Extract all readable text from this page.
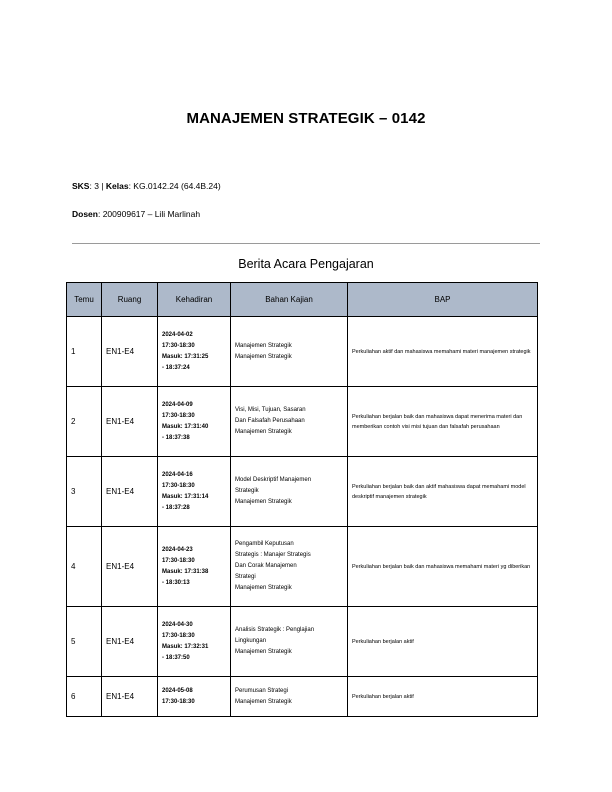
MANAJEMEN STRATEGIK – 0142
SKS: 3 | Kelas: KG.0142.24 (64.4B.24)
Dosen: 200909617 – Lili Marlinah
Berita Acara Pengajaran
Temu	Ruang	Kehadiran	Bahan Kajian	BAP
1	EN1-E4	2024-04-02
17:30-18:30
Masuk: 17:31:25
- 18:37:24	Manajemen Strategik
Manajemen Strategik	Perkuliahan aktif dan mahasiswa memahami materi manajemen strategik

2	EN1-E4	2024-04-09
17:30-18:30
Masuk: 17:31:40
- 18:37:38	Visi, Misi, Tujuan, Sasaran
Dan Falsafah Perusahaan
Manajemen Strategik	Perkuliahan berjalan baik dan mahasiswa dapat menerima materi dan memberikan contoh visi misi tujuan dan falsafah perusahaan

3	EN1-E4	2024-04-16
17:30-18:30
Masuk: 17:31:14
- 18:37:28	Model Deskriptif Manajemen
Strategik
Manajemen Strategik	Perkuliahan berjalan baik dan aktif mahasiswa dapat memahami model deskriptif manajemen strategik

4	EN1-E4	2024-04-23
17:30-18:30
Masuk: 17:31:38
- 18:30:13	Pengambil Keputusan
Strategis : Manajer Strategis
Dan Corak Manajemen
Strategi
Manajemen Strategik	Perkuliahan berjalan baik dan mahasiswa memahami materi yg diberikan

5	EN1-E4	2024-04-30
17:30-18:30
Masuk: 17:32:31
- 18:37:50	Analisis Strategik : Penglajian
Lingkungan
Manajemen Strategik	Perkuliahan berjalan aktif

6	EN1-E4	2024-05-08
17:30-18:30	Perumusan Strategi
Manajemen Strategik	Perkuliahan berjalan aktif
